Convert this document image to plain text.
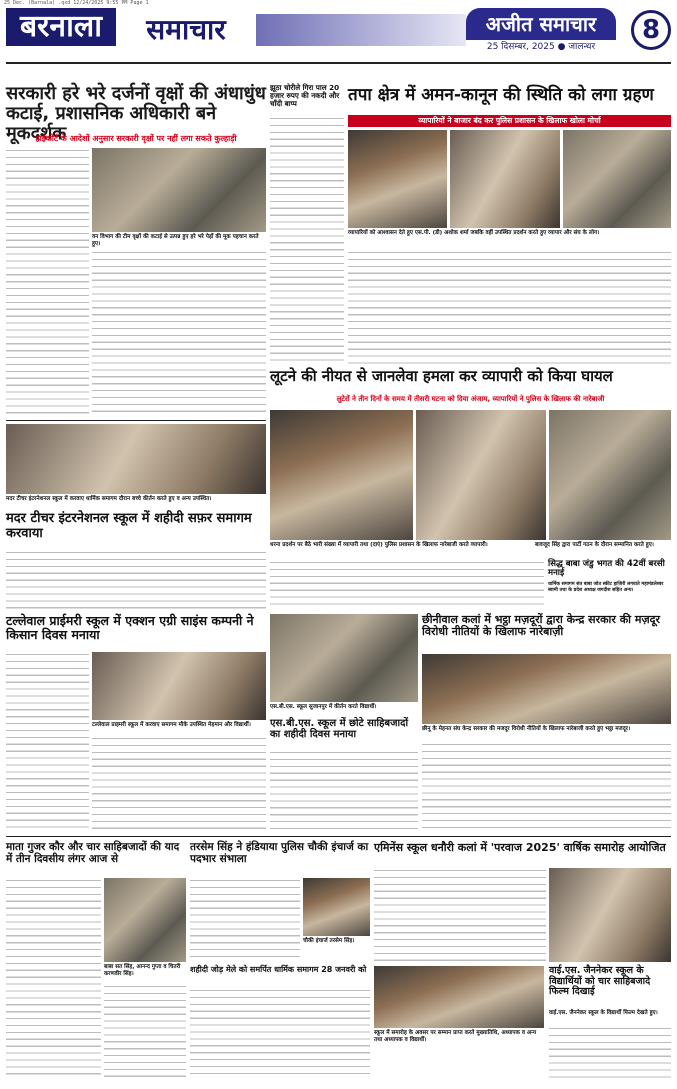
25 Dec. (Barnala) .qxd 12/24/2025 9:55 PM Page 1
बरनाला	समाचार	अजीत समाचार
25 दिसम्बर, 2025 ● जालन्धर
8
सरकारी हरे भरे दर्जनों वृक्षों की अंधाधुंध कटाई, प्रशासनिक अधिकारी बने मूकदर्शक
हाईकोर्ट के आदेशों अनुसार सरकारी वृक्षों पर नहीं लगा सकते कुल्हाड़ी
वन विभाग की टीम वृक्षों की कटाई से उत्पन्न हुए हरे भरे पेड़ों की मूक पहचान करते हुए।
झूठा चोरीले गिरा पाल 20 हजार रुपए की नकदी और चाँदी बाप्प	तपा क्षेत्र में अमन-कानून की स्थिति को लगा ग्रहण
व्यापारियों ने बाजार बंद कर पुलिस प्रशासन के खिलाफ खोला मोर्चा
व्यापारियों को आश्वासन देते हुए एस.पी. (डी) अशोक शर्मा जबकि वहीं उपस्थित प्रदर्शन करते हुए व्यापार और संघ के लोग।
लूटने की नीयत से जानलेवा हमला कर व्यापारी को किया घायल
लुटेरों ने तीन दिनों के समय में तीसरी घटना को दिया अंजाम, व्यापारियों ने पुलिस के खिलाफ की नारेबाजी
धरना प्रदर्शन पर बैठे भारी संख्या में व्यापारी तथा (दाएं) पुलिस प्रशासन के खिलाफ नारेबाजी करते व्यापारी।	बावजूद सिंह द्वारा पार्टी गठन के दौरान सम्मानित करते हुए।
मदर टीचर इंटरनेशनल स्कूल में करवाए धार्मिक समागम दौरान बच्चे कीर्तन करते हुए व अन्य उपस्थित।
मदर टीचर इंटरनेशनल स्कूल में शहीदी सफ़र समागम करवाया
टल्लेवाल प्राईमरी स्कूल में एक्शन एग्री साइंस कम्पनी ने किसान दिवस मनाया
टल्लेवाल प्राइमरी स्कूल में करवाए समागम मौके उपस्थित मेहमान और विद्यार्थी।
एस.बी.एस. स्कूल सुजानपुर में कीर्तन करते विद्यार्थी।
एस.बी.एस. स्कूल में छोटे साहिबजादों का शहीदी दिवस मनाया
छीनीवाल कलां में भट्ठा मज़दूरों द्वारा केन्द्र सरकार की मज़दूर विरोधी नीतियों के खिलाफ नारेबाज़ी
छीनू के मेहनत संघ केन्द्र सरकार की मजदूर विरोधी नीतियों के खिलाफ नारेबाजी करते हुए भट्ठा मजदूर।
माता गुजर कौर और चार साहिबजादों की याद में तीन दिवसीय लंगर आज से
बाबा सत सिंह, आनन्द गुप्ता व चितरी करणवीर सिंह।
तरसेम सिंह ने हंडियाया पुलिस चौकी इंचार्ज का पदभार संभाला
चौकी इंचार्ज तरसेम सिंह।
शहीदी जोड़ मेले को समर्पित धार्मिक समागम 28 जनवरी को
एमिनेंस स्कूल धनौरी कलां में 'परवाज 2025' वार्षिक समारोह आयोजित
स्कूल में समारोह के अवसर पर सम्मान प्राप्त करते मुख्यातिथि, अध्यापक व अन्य तथा अध्यापक व विद्यार्थी।
वाई.एस. जैननेकर स्कूल के विद्यार्थियों को चार साहिबजादे फिल्म दिखाई
वाई.एस. जैननेकर स्कूल के विद्यार्थी फिल्म देखते हुए।
सिद्ध बाबा जंडु भगत की 42वीं बरसी मनाई
धार्मिक समागम संत बाबा जोत स्कीट हाजिरी लगवाते महामंडलेश्वर स्वामी तथा के प्रदेश अध्यक्ष जगदीश सहित अन्य।
